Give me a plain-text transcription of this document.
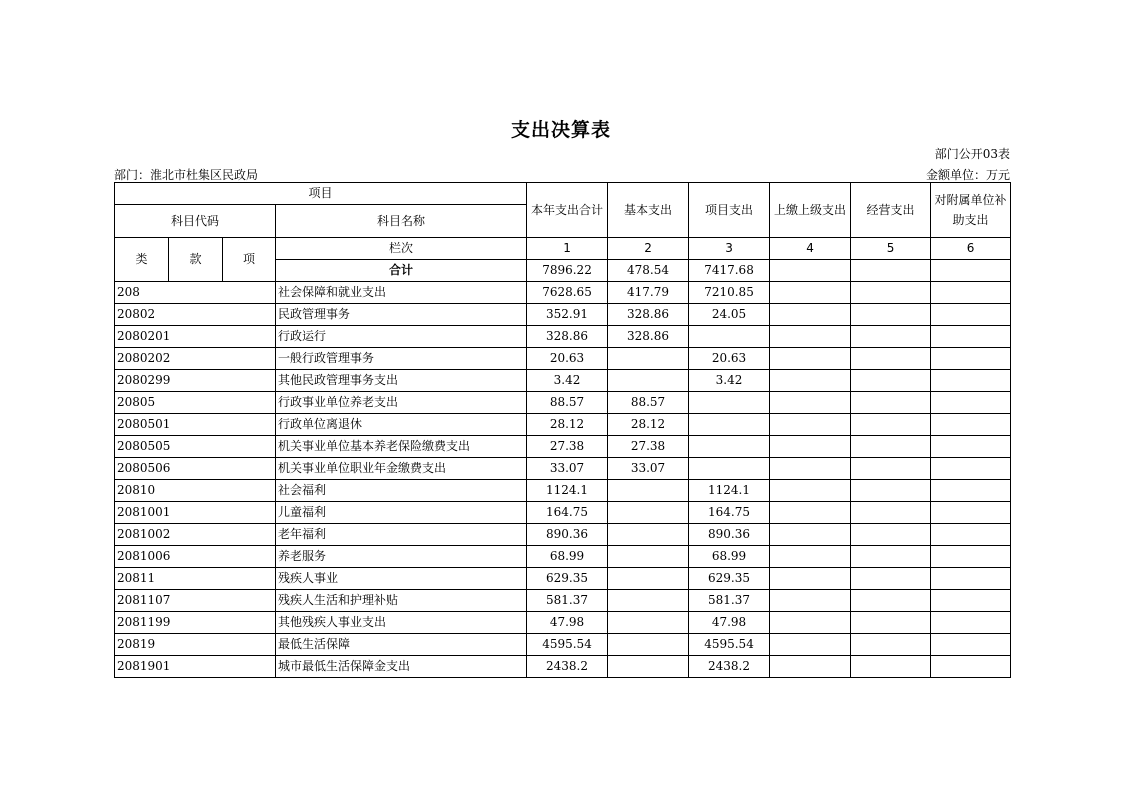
支出决算表
部门公开03表
部门：淮北市杜集区民政局	金额单位：万元
项目				本年支出合计	基本支出	项目支出	上缴上级支出	经营支出	对附属单位补助支出
科目代码			科目名称						
类	款	项	栏次	1	2	3	4	5	6
			合计	7896.22	478.54	7417.68			
208			社会保障和就业支出	7628.65	417.79	7210.85			
20802			民政管理事务	352.91	328.86	24.05			
2080201			行政运行	328.86	328.86				
2080202			一般行政管理事务	20.63		20.63			
2080299			其他民政管理事务支出	3.42		3.42			
20805			行政事业单位养老支出	88.57	88.57				
2080501			行政单位离退休	28.12	28.12				
2080505			机关事业单位基本养老保险缴费支出	27.38	27.38				
2080506			机关事业单位职业年金缴费支出	33.07	33.07				
20810			社会福利	1124.1		1124.1			
2081001			儿童福利	164.75		164.75			
2081002			老年福利	890.36		890.36			
2081006			养老服务	68.99		68.99			
20811			残疾人事业	629.35		629.35			
2081107			残疾人生活和护理补贴	581.37		581.37			
2081199			其他残疾人事业支出	47.98		47.98			
20819			最低生活保障	4595.54		4595.54			
2081901			城市最低生活保障金支出	2438.2		2438.2			
